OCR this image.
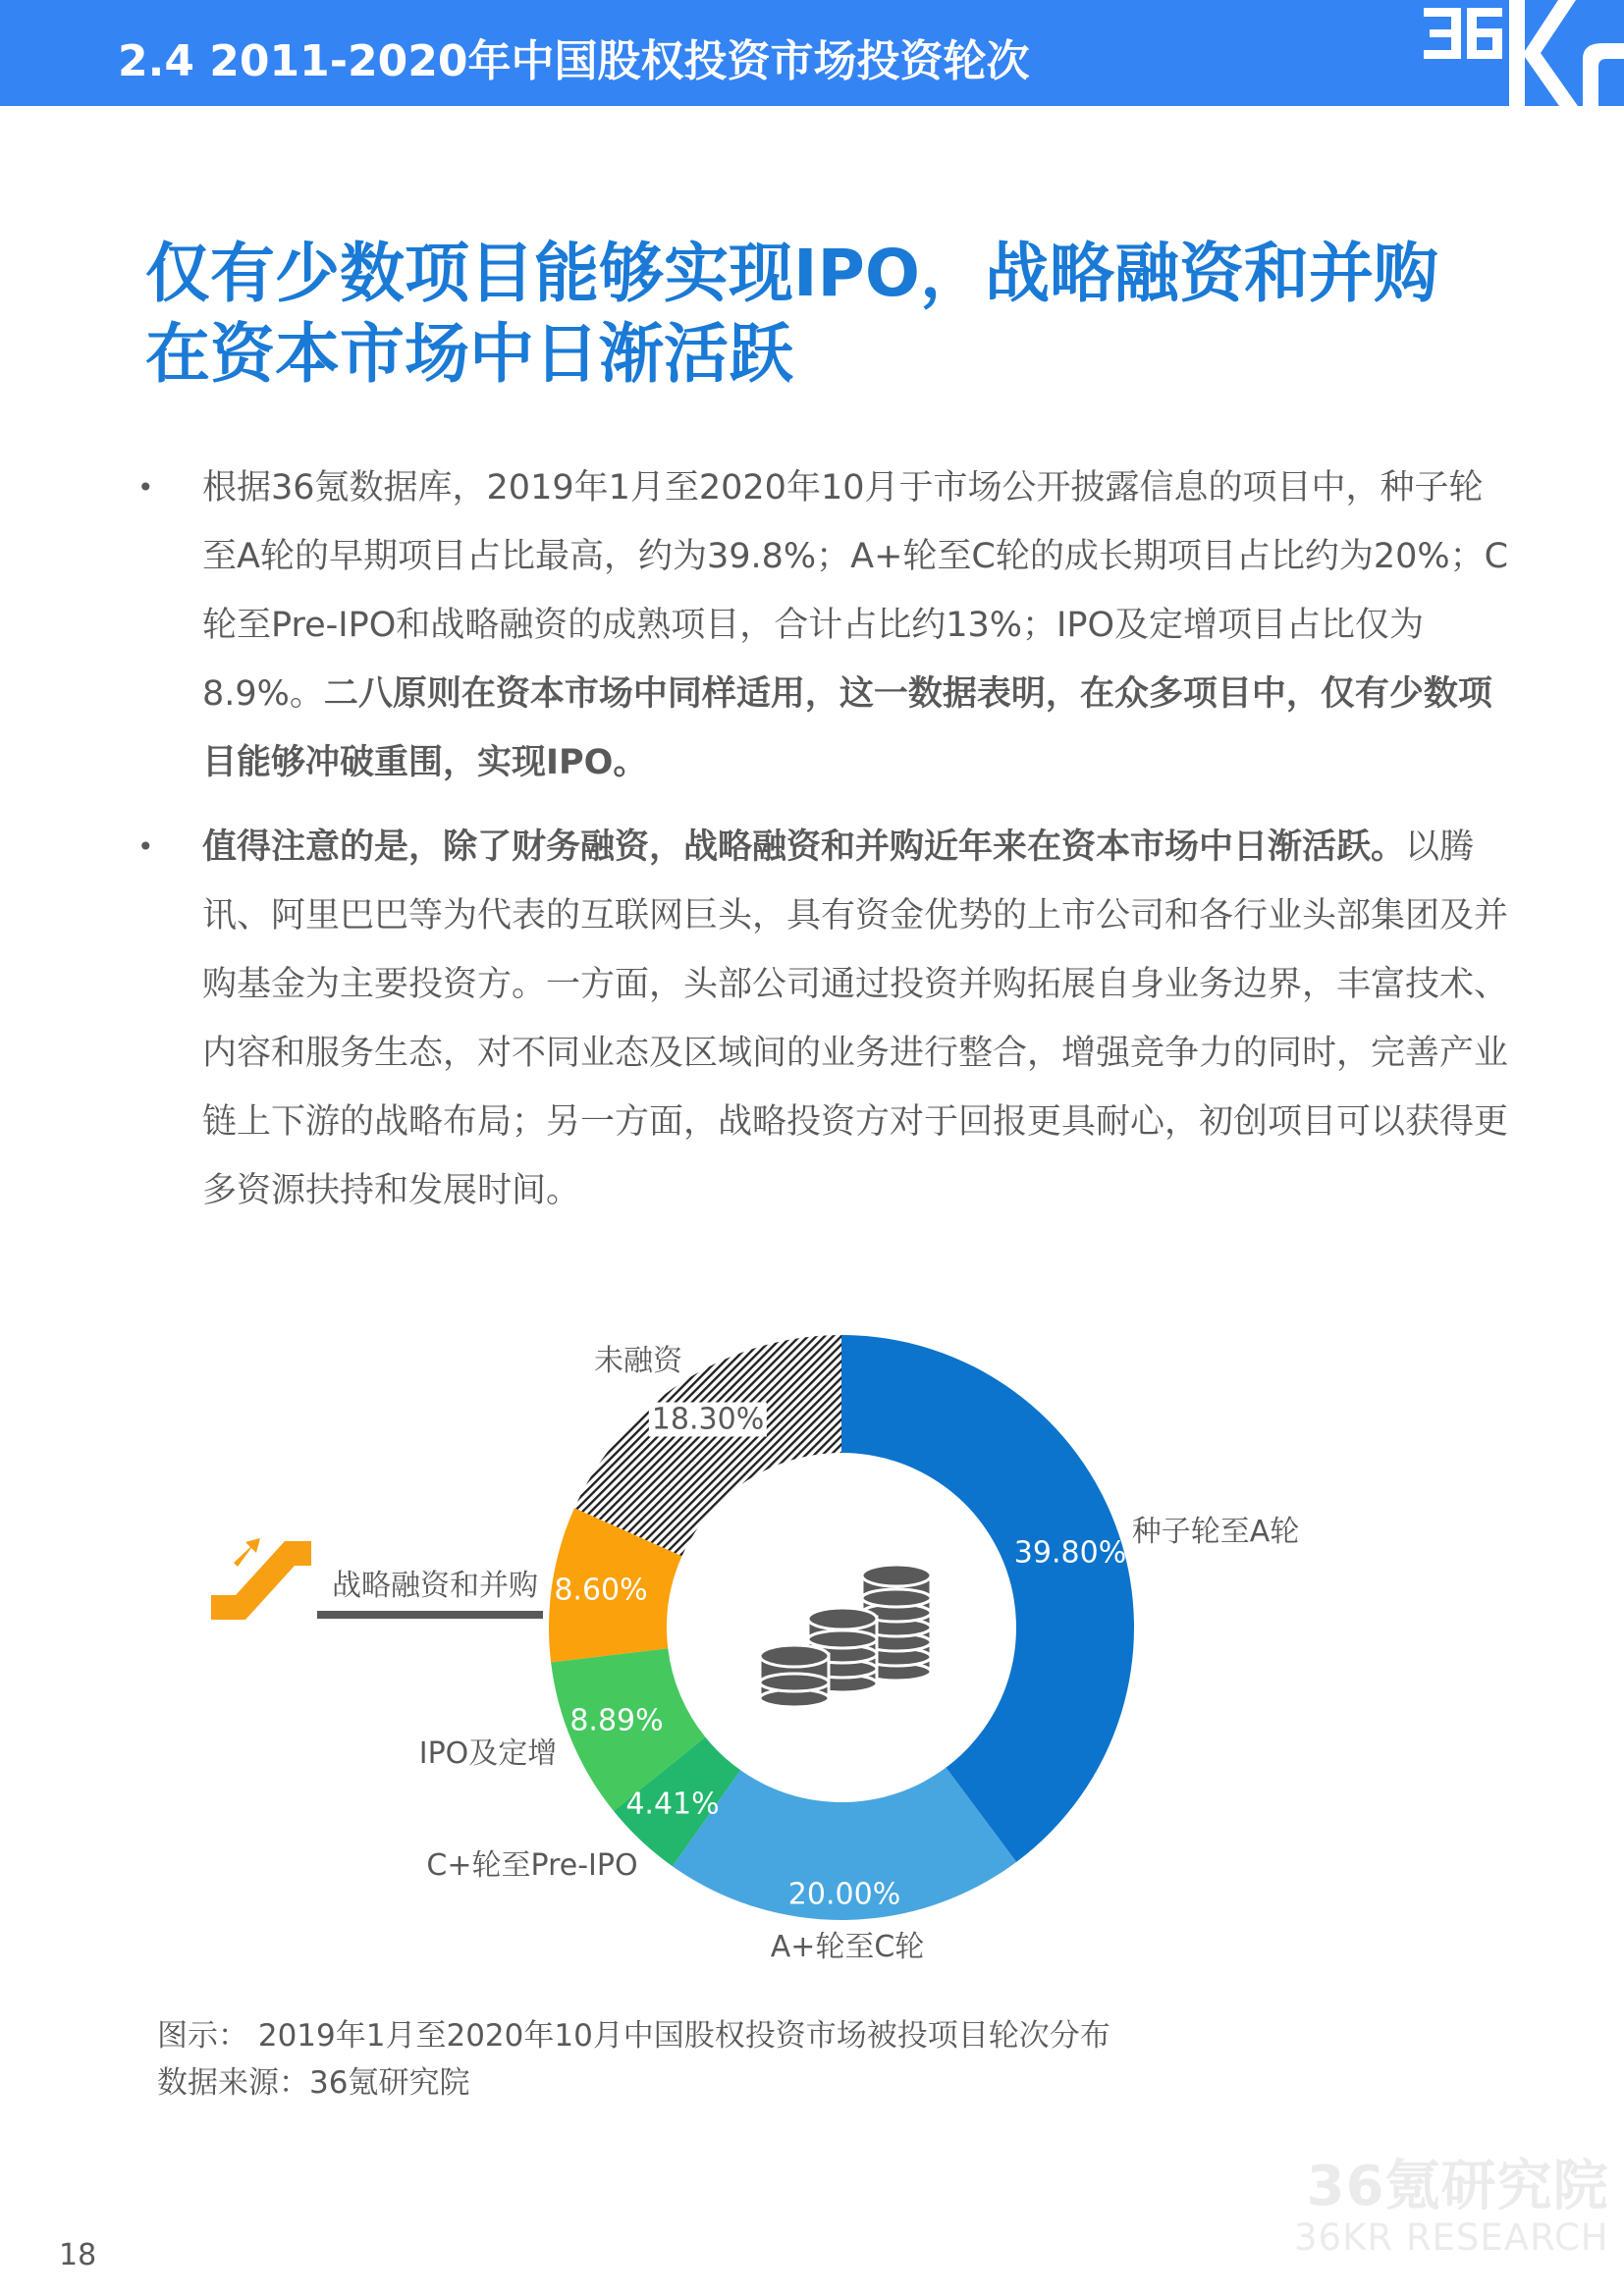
2.4 2011-2020年中国股权投资市场投资轮次
仅有少数项目能够实现IPO，战略融资和并购
在资本市场中日渐活跃
• 根据36氪数据库，2019年1月至2020年10月于市场公开披露信息的项目中，种子轮至A轮的早期项目占比最高，约为39.8%；A+轮至C轮的成长期项目占比约为20%；C轮至Pre-IPO和战略融资的成熟项目，合计占比约13%；IPO及定增项目占比仅为8.9%。二八原则在资本市场中同样适用，这一数据表明，在众多项目中，仅有少数项目能够冲破重围，实现IPO。
• 值得注意的是，除了财务融资，战略融资和并购近年来在资本市场中日渐活跃。以腾讯、阿里巴巴等为代表的互联网巨头，具有资金优势的上市公司和各行业头部集团及并购基金为主要投资方。一方面，头部公司通过投资并购拓展自身业务边界，丰富技术、内容和服务生态，对不同业态及区域间的业务进行整合，增强竞争力的同时，完善产业链上下游的战略布局；另一方面，战略投资方对于回报更具耐心，初创项目可以获得更多资源扶持和发展时间。
39.80%
20.00%
4.41%
8.89%
8.60%
18.30%
种子轮至A轮
A+轮至C轮
C+轮至Pre-IPO
IPO及定增
战略融资和并购
未融资
图示： 2019年1月至2020年10月中国股权投资市场被投项目轮次分布
数据来源：36氪研究院
36氪研究院
36KR RESEARCH
18
